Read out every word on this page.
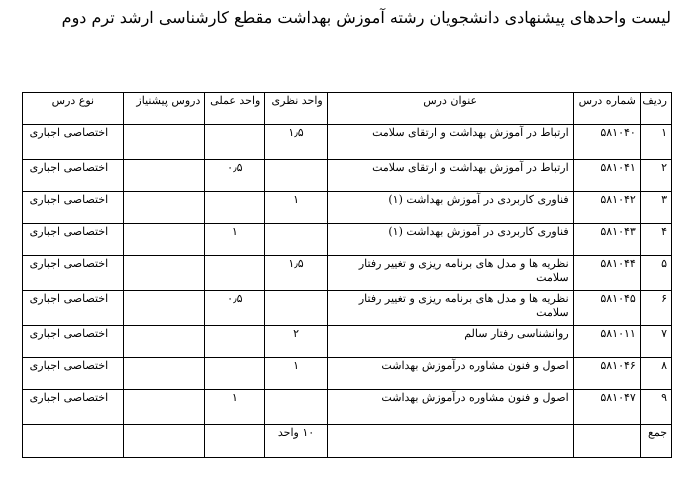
لیست واحدهای پیشنهادی دانشجویان رشته آموزش بهداشت مقطع کارشناسی ارشد ترم دوم
ردیف	شماره درس	عنوان درس	واحد نظری	واحد عملی	دروس پیشنیاز	نوع درس
۱	۵۸۱۰۴۰	ارتباط در آموزش بهداشت و ارتقای سلامت	۱٫۵			اختصاصی اجباری
۲	۵۸۱۰۴۱	ارتباط در آموزش بهداشت و ارتقای سلامت		۰٫۵		اختصاصی اجباری
۳	۵۸۱۰۴۲	فناوری کاربردی در آموزش بهداشت (۱)	۱			اختصاصی اجباری
۴	۵۸۱۰۴۳	فناوری کاربردی در آموزش بهداشت (۱)		۱		اختصاصی اجباری
۵	۵۸۱۰۴۴	نظریه ها و مدل های برنامه ریزی و تغییر رفتار سلامت	۱٫۵			اختصاصی اجباری
۶	۵۸۱۰۴۵	نظریه ها و مدل های برنامه ریزی و تغییر رفتار سلامت		۰٫۵		اختصاصی اجباری
۷	۵۸۱۰۱۱	روانشناسی رفتار سالم	۲			اختصاصی اجباری
۸	۵۸۱۰۴۶	اصول و فنون مشاوره درآموزش بهداشت	۱			اختصاصی اجباری
۹	۵۸۱۰۴۷	اصول و فنون مشاوره درآموزش بهداشت		۱		اختصاصی اجباری
جمع			۱۰ واحد			
